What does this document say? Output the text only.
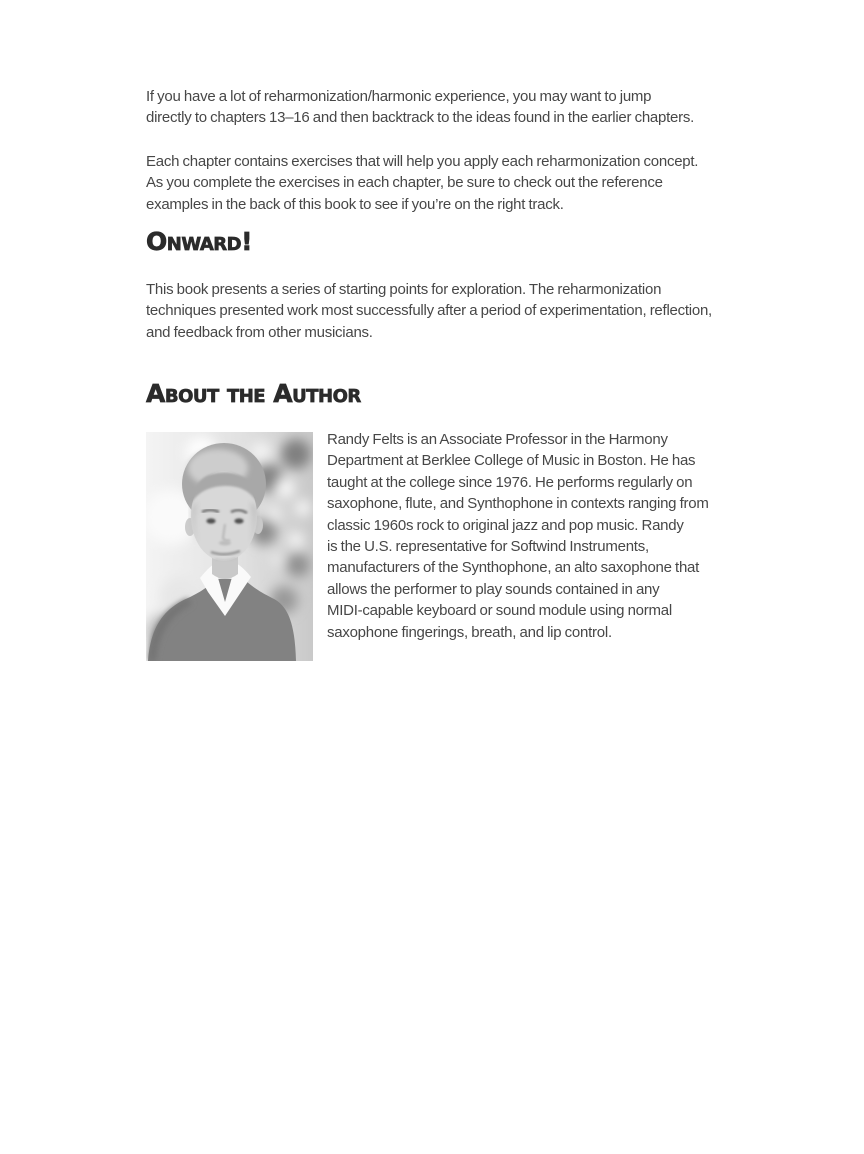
If you have a lot of reharmonization/harmonic experience, you may want to jump
directly to chapters 13–16 and then backtrack to the ideas found in the earlier chapters.
Each chapter contains exercises that will help you apply each reharmonization concept.
As you complete the exercises in each chapter, be sure to check out the reference
examples in the back of this book to see if you’re on the right track.
Onward!
This book presents a series of starting points for exploration. The reharmonization
techniques presented work most successfully after a period of experimentation, reflection,
and feedback from other musicians.
About the Author
Randy Felts is an Associate Professor in the Harmony
Department at Berklee College of Music in Boston. He has
taught at the college since 1976. He performs regularly on
saxophone, flute, and Synthophone in contexts ranging from
classic 1960s rock to original jazz and pop music. Randy
is the U.S. representative for Softwind Instruments,
manufacturers of the Synthophone, an alto saxophone that
allows the performer to play sounds contained in any
MIDI-capable keyboard or sound module using normal
saxophone fingerings, breath, and lip control.
